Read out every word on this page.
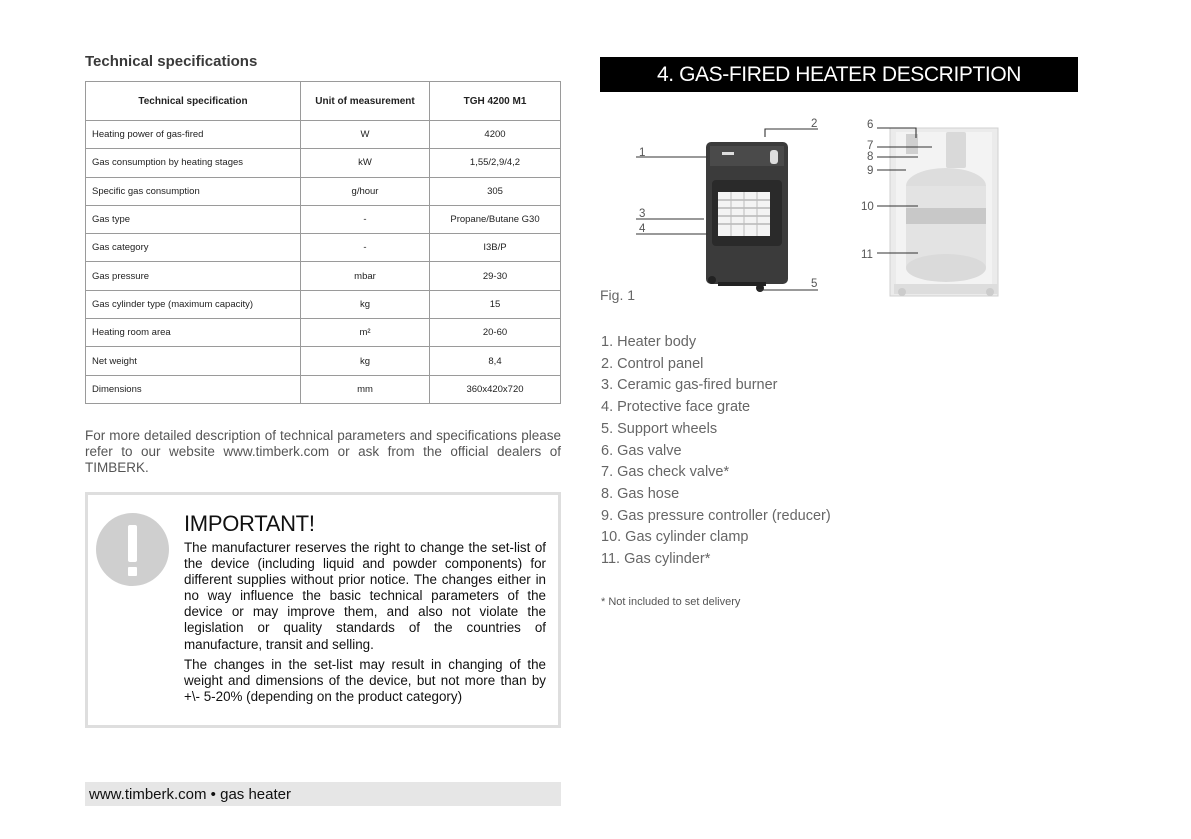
Technical specifications
Technical specification	Unit of measurement	TGH 4200 M1
Heating power of gas-fired	W	4200
Gas consumption by heating stages	kW	1,55/2,9/4,2
Specific gas consumption	g/hour	305
Gas type	-	Propane/Butane G30
Gas category	-	I3B/P
Gas pressure	mbar	29-30
Gas cylinder type (maximum capacity)	kg	15
Heating room area	m²	20-60
Net weight	kg	8,4
Dimensions	mm	360x420x720
For more detailed description of technical parameters and specifications please refer to our website www.timberk.com or ask from the official dealers of TIMBERK.
IMPORTANT!
The manufacturer reserves the right to change the set-list of the device (including liquid and powder components) for different supplies without prior notice. The changes either in no way influence the basic technical parameters of the device or may improve them, and also not violate the legislation or quality standards of the countries of manufacture, transit and selling.
The changes in the set-list may result in changing of the weight and dimensions of the device, but not more than by +\- 5-20% (depending on the product category)
www.timberk.com • gas heater
4. GAS-FIRED HEATER DESCRIPTION
1
2
3
4
5
6
7
8
9
10
11
Fig. 1
1. Heater body
2. Control panel
3. Ceramic gas-fired burner
4. Protective face grate
5. Support wheels
6. Gas valve
7. Gas check valve*
8. Gas hose
9. Gas pressure controller (reducer)
10. Gas cylinder clamp
11. Gas cylinder*
* Not included to set delivery
